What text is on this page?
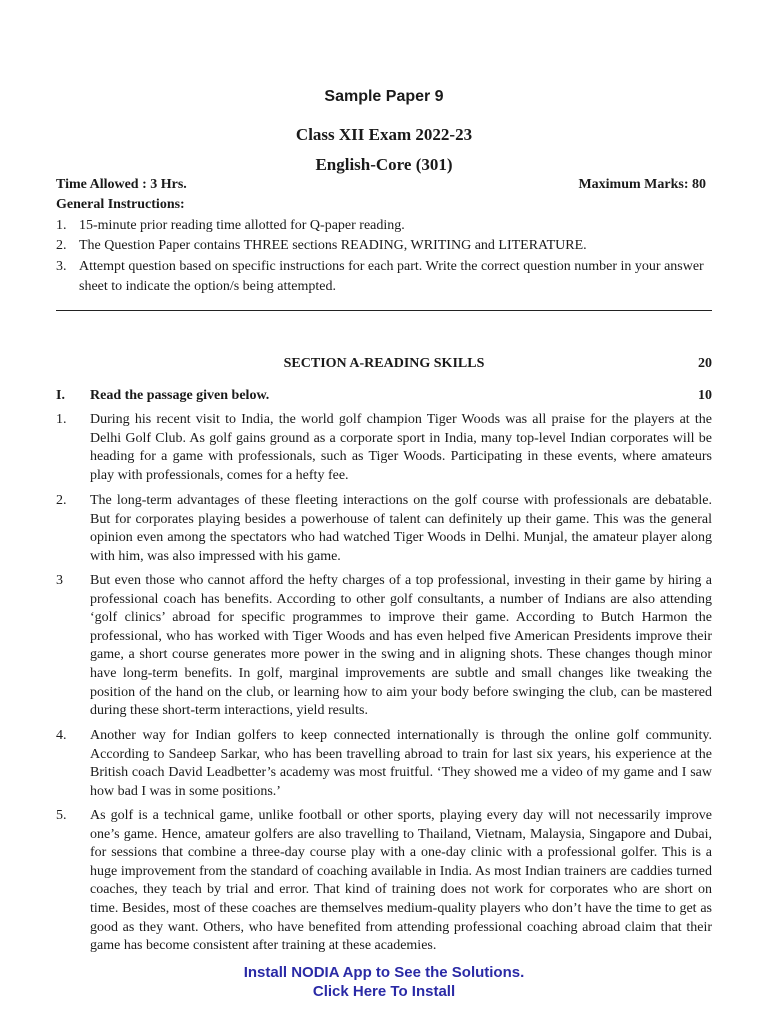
Sample Paper 9
Class XII Exam 2022-23
English-Core (301)
Time Allowed : 3 Hrs.	Maximum Marks: 80
General Instructions:
1. 15-minute prior reading time allotted for Q-paper reading.
2. The Question Paper contains THREE sections READING, WRITING and LITERATURE.
3. Attempt question based on specific instructions for each part. Write the correct question number in your answer sheet to indicate the option/s being attempted.
SECTION A-READING SKILLS	20
I. Read the passage given below.	10
1. During his recent visit to India, the world golf champion Tiger Woods was all praise for the players at the Delhi Golf Club. As golf gains ground as a corporate sport in India, many top-level Indian corporates will be heading for a game with professionals, such as Tiger Woods. Participating in these events, where amateurs play with professionals, comes for a hefty fee.
2. The long-term advantages of these fleeting interactions on the golf course with professionals are debatable. But for corporates playing besides a powerhouse of talent can definitely up their game. This was the general opinion even among the spectators who had watched Tiger Woods in Delhi. Munjal, the amateur player along with him, was also impressed with his game.
3 But even those who cannot afford the hefty charges of a top professional, investing in their game by hiring a professional coach has benefits. According to other golf consultants, a number of Indians are also attending ‘golf clinics’ abroad for specific programmes to improve their game. According to Butch Harmon the professional, who has worked with Tiger Woods and has even helped five American Presidents improve their game, a short course generates more power in the swing and in aligning shots. These changes though minor have long-term benefits. In golf, marginal improvements are subtle and small changes like tweaking the position of the hand on the club, or learning how to aim your body before swinging the club, can be mastered during these short-term interactions, yield results.
4. Another way for Indian golfers to keep connected internationally is through the online golf community. According to Sandeep Sarkar, who has been travelling abroad to train for last six years, his experience at the British coach David Leadbetter’s academy was most fruitful. ‘They showed me a video of my game and I saw how bad I was in some positions.’
5. As golf is a technical game, unlike football or other sports, playing every day will not necessarily improve one’s game. Hence, amateur golfers are also travelling to Thailand, Vietnam, Malaysia, Singapore and Dubai, for sessions that combine a three-day course play with a one-day clinic with a professional golfer. This is a huge improvement from the standard of coaching available in India. As most Indian trainers are caddies turned coaches, they teach by trial and error. That kind of training does not work for corporates who are short on time. Besides, most of these coaches are themselves medium-quality players who don’t have the time to get as good as they want. Others, who have benefited from attending professional coaching abroad claim that their game has become consistent after training at these academies.
Install NODIA App to See the Solutions.
Click Here To Install
